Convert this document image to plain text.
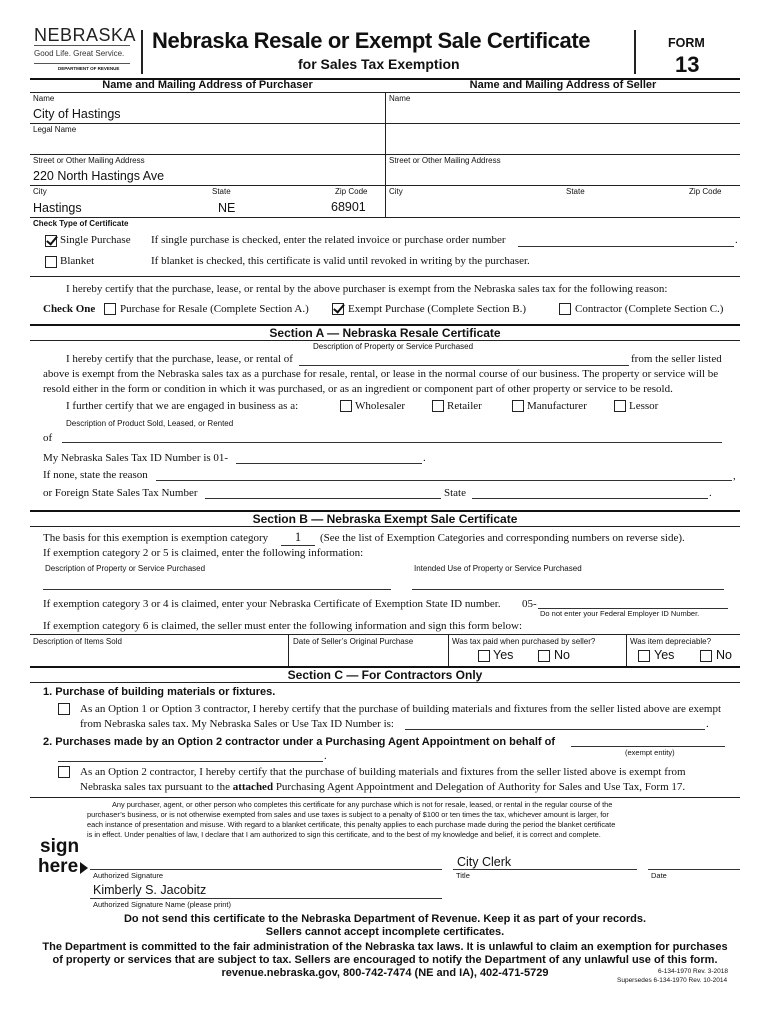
NEBRASKA
Good Life. Great Service.
DEPARTMENT OF REVENUE
Nebraska Resale or Exempt Sale Certificate
for Sales Tax Exemption
FORM
13
Name and Mailing Address of Purchaser	Name and Mailing Address of Seller
Name
City of Hastings
Legal Name
Street or Other Mailing Address
220 North Hastings Ave
City	State	Zip Code
Hastings	NE	68901
Name
Street or Other Mailing Address
City	State	Zip Code
Check Type of Certificate
Single Purchase If single purchase is checked, enter the related invoice or purchase order number	.
Blanket	If blanket is checked, this certificate is valid until revoked in writing by the purchaser.
I hereby certify that the purchase, lease, or rental by the above purchaser is exempt from the Nebraska sales tax for the following reason:
Check One Purchase for Resale (Complete Section A.)	Exempt Purchase (Complete Section B.)	Contractor (Complete Section C.)
Section A — Nebraska Resale Certificate
Description of Property or Service Purchased
I hereby certify that the purchase, lease, or rental of	from the seller listed
above is exempt from the Nebraska sales tax as a purchase for resale, rental, or lease in the normal course of our business. The property or service will be
resold either in the form or condition in which it was purchased, or as an ingredient or component part of other property or service to be resold.
I further certify that we are engaged in business as a:	Wholesaler	Retailer	Manufacturer	Lessor
Description of Product Sold, Leased, or Rented
of
My Nebraska Sales Tax ID Number is 01-	.
If none, state the reason	,
or Foreign State Sales Tax Number	State	.
Section B — Nebraska Exempt Sale Certificate
The basis for this exemption is exemption category	1	(See the list of Exemption Categories and corresponding numbers on reverse side).
If exemption category 2 or 5 is claimed, enter the following information:
Description of Property or Service Purchased	Intended Use of Property or Service Purchased
If exemption category 3 or 4 is claimed, enter your Nebraska Certificate of Exemption State ID number. 05-
Do not enter your Federal Employer ID Number.
If exemption category 6 is claimed, the seller must enter the following information and sign this form below:
Description of Items Sold	Date of Seller’s Original Purchase	Was tax paid when purchased by seller?	Was item depreciable?
Yes	No	Yes	No
Section C — For Contractors Only
1. Purchase of building materials or fixtures.
As an Option 1 or Option 3 contractor, I hereby certify that the purchase of building materials and fixtures from the seller listed above are exempt
from Nebraska sales tax. My Nebraska Sales or Use Tax ID Number is:	.
2. Purchases made by an Option 2 contractor under a Purchasing Agent Appointment on behalf of
(exempt entity)
.
As an Option 2 contractor, I hereby certify that the purchase of building materials and fixtures from the seller listed above is exempt from
Nebraska sales tax pursuant to the attached Purchasing Agent Appointment and Delegation of Authority for Sales and Use Tax, Form 17.
Any purchaser, agent, or other person who completes this certificate for any purchase which is not for resale, leased, or rental in the regular course of the
purchaser’s business, or is not otherwise exempted from sales and use taxes is subject to a penalty of $100 or ten times the tax, whichever amount is larger, for
each instance of presentation and misuse. With regard to a blanket certificate, this penalty applies to each purchase made during the period the blanket certificate
is in effect. Under penalties of law, I declare that I am authorized to sign this certificate, and to the best of my knowledge and belief, it is correct and complete.
sign
here Authorized Signature
City Clerk
Title	Date
Kimberly S. Jacobitz
Authorized Signature Name (please print)
Do not send this certificate to the Nebraska Department of Revenue. Keep it as part of your records.
Sellers cannot accept incomplete certificates.
The Department is committed to the fair administration of the Nebraska tax laws. It is unlawful to claim an exemption for purchases
of property or services that are subject to tax. Sellers are encouraged to notify the Department of any unlawful use of this form.
revenue.nebraska.gov, 800-742-7474 (NE and IA), 402-471-5729	6-134-1970 Rev. 3-2018
Supersedes 6-134-1970 Rev. 10-2014
